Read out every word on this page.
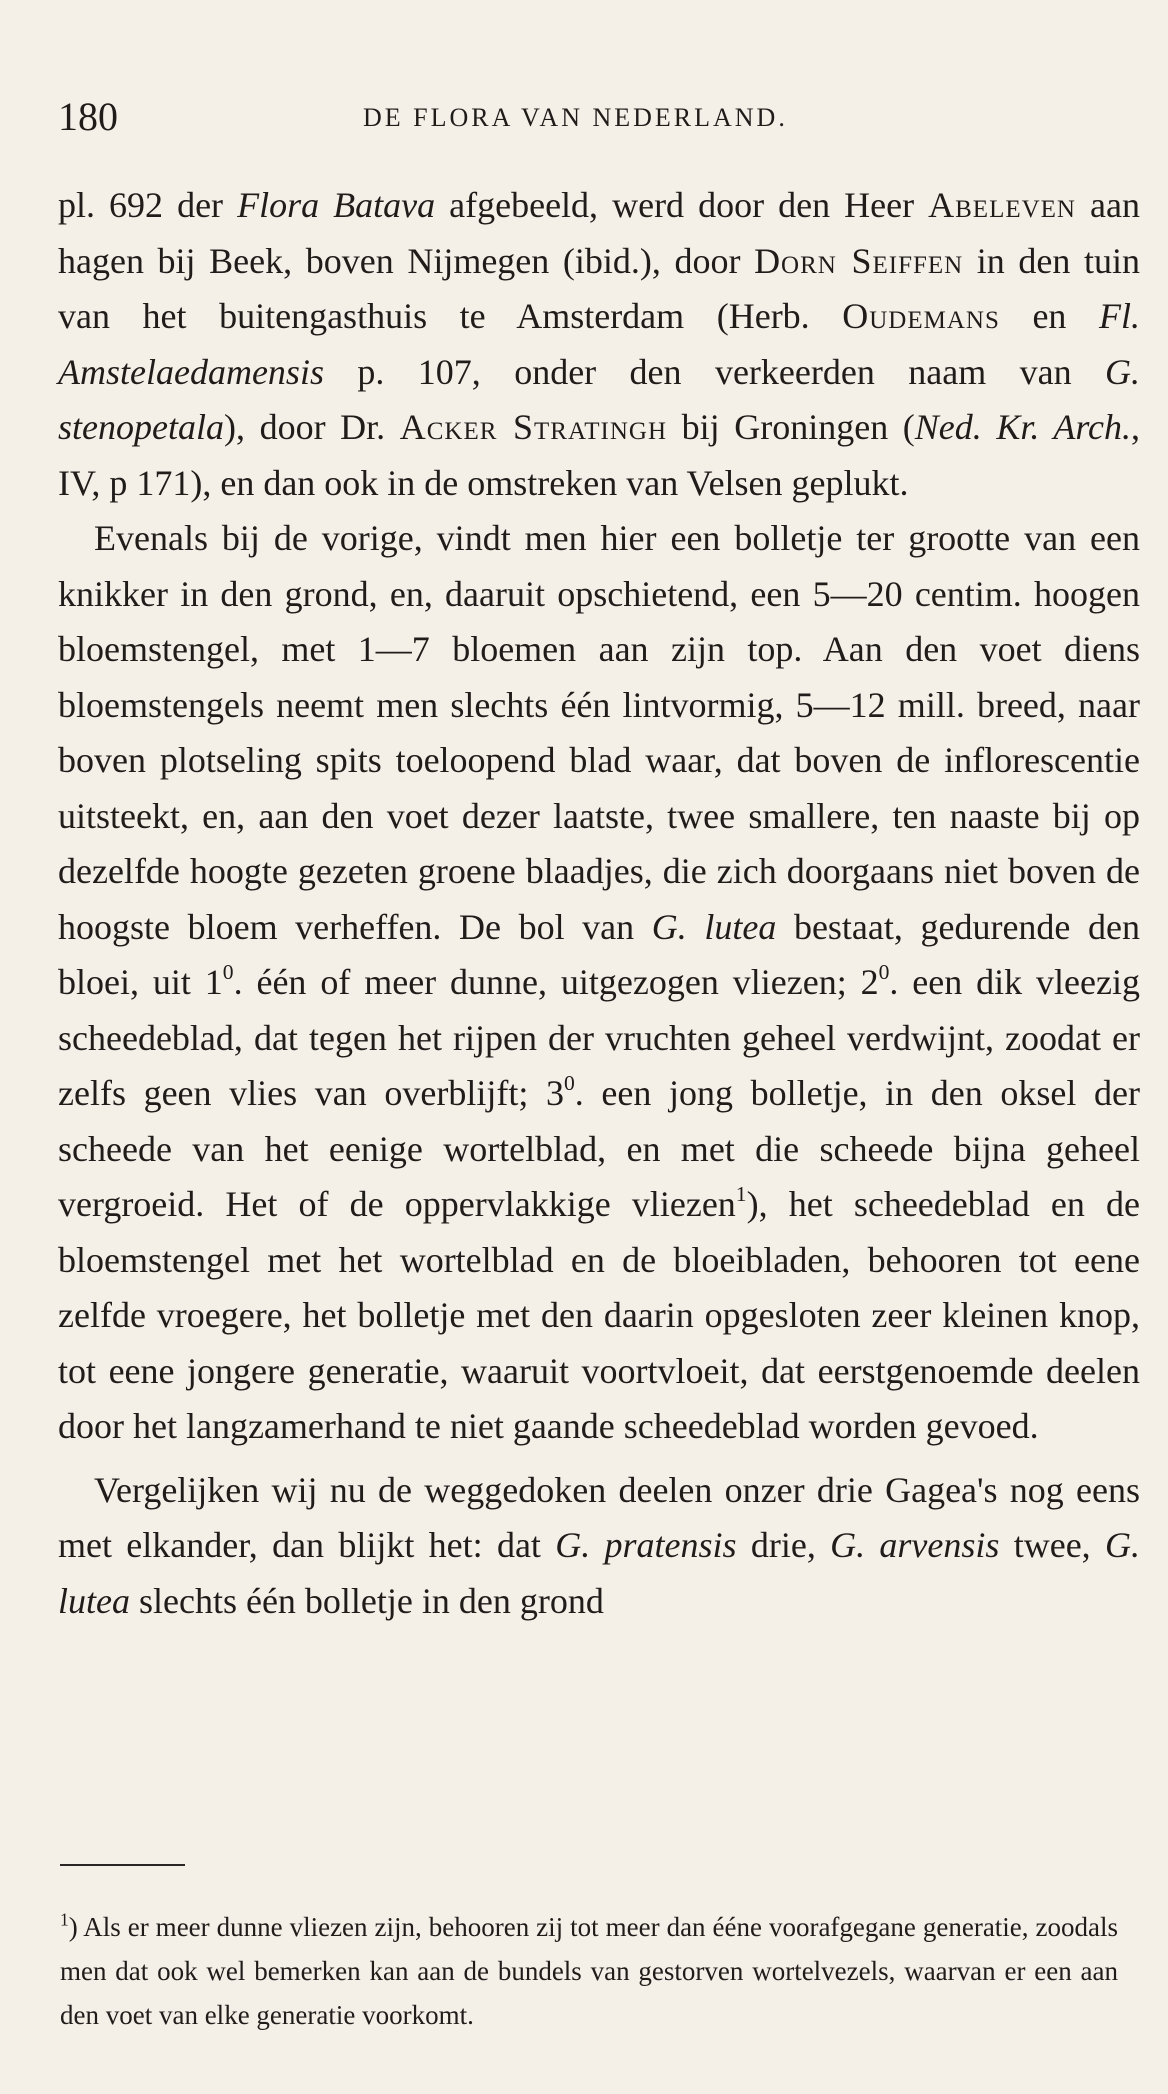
180	DE FLORA VAN NEDERLAND.

pl. 692 der Flora Batava afgebeeld, werd door den Heer Abeleven aan hagen bij Beek, boven Nijmegen (ibid.), door Dorn Seiffen in den tuin van het buitengasthuis te Amsterdam (Herb. Oudemans en Fl. Amstelaedamensis p. 107, onder den verkeerden naam van G. stenopetala), door Dr. Acker Stratingh bij Groningen (Ned. Kr. Arch., IV, p 171), en dan ook in de omstreken van Velsen geplukt.

Evenals bij de vorige, vindt men hier een bolletje ter grootte van een knikker in den grond, en, daaruit opschietend, een 5—20 centim. hoogen bloemstengel, met 1—7 bloemen aan zijn top. Aan den voet diens bloemstengels neemt men slechts één lintvormig, 5—12 mill. breed, naar boven plotseling spits toeloopend blad waar, dat boven de inflorescentie uitsteekt, en, aan den voet dezer laatste, twee smallere, ten naaste bij op dezelfde hoogte gezeten groene blaadjes, die zich doorgaans niet boven de hoogste bloem verheffen. De bol van G. lutea bestaat, gedurende den bloei, uit $1^0$. één of meer dunne, uitgezogen vliezen; $2^0$. een dik vleezig scheedeblad, dat tegen het rijpen der vruchten geheel verdwijnt, zoodat er zelfs geen vlies van overblijft; $3^0$. een jong bolletje, in den oksel der scheede van het eenige wortelblad, en met die scheede bijna geheel vergroeid. Het of de oppervlakkige vliezen$^1$), het scheedeblad en de bloemstengel met het wortelblad en de bloeibladen, behooren tot eene zelfde vroegere, het bolletje met den daarin opgesloten zeer kleinen knop, tot eene jongere generatie, waaruit voortvloeit, dat eerstgenoemde deelen door het langzamerhand te niet gaande scheedeblad worden gevoed.

Vergelijken wij nu de weggedoken deelen onzer drie Gagea's nog eens met elkander, dan blijkt het: dat G. pratensis drie, G. arvensis twee, G. lutea slechts één bolletje in den grond

$^1$) Als er meer dunne vliezen zijn, behooren zij tot meer dan ééne voorafgegane generatie, zoodals men dat ook wel bemerken kan aan de bundels van gestorven wortelvezels, waarvan er een aan den voet van elke generatie voorkomt.
